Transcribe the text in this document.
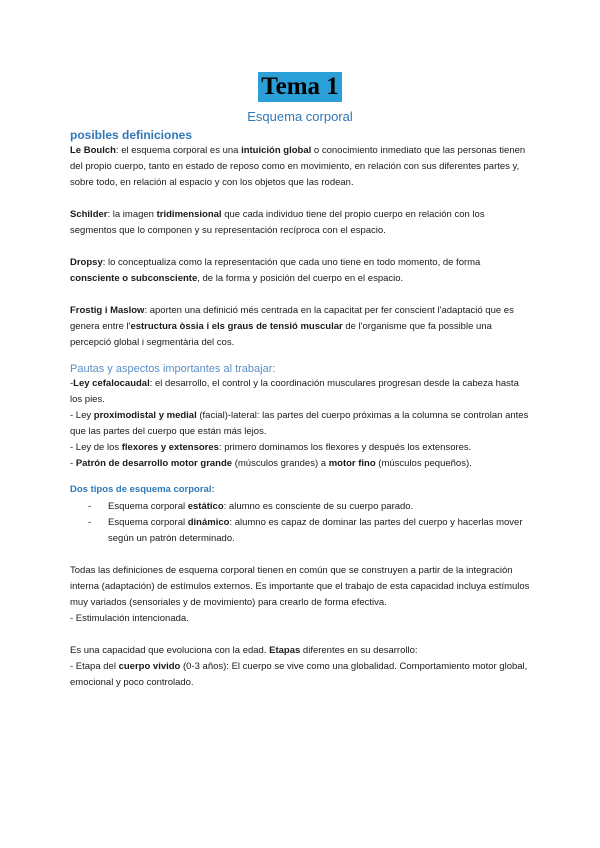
Tema 1
Esquema corporal
posibles definiciones

Le Boulch: el esquema corporal es una intuición global o conocimiento inmediato que las personas tienen del propio cuerpo, tanto en estado de reposo como en movimiento, en relación con sus diferentes partes y, sobre todo, en relación al espacio y con los objetos que las rodean.

Schilder: la imagen tridimensional que cada individuo tiene del propio cuerpo en relación con los segmentos que lo componen y su representación recíproca con el espacio.

Dropsy: lo conceptualiza como la representación que cada uno tiene en todo momento, de forma consciente o subconsciente, de la forma y posición del cuerpo en el espacio.

Frostig i Maslow: aporten una definició més centrada en la capacitat per fer conscient l'adaptació que es genera entre l'estructura òssia i els graus de tensió muscular de l'organisme que fa possible una percepció global i segmentària del cos.

Pautas y aspectos importantes al trabajar:

-Ley cefalocaudal: el desarrollo, el control y la coordinación musculares progresan desde la cabeza hasta los pies.

- Ley proximodistal y medial (facial)-lateral: las partes del cuerpo próximas a la columna se controlan antes que las partes del cuerpo que están más lejos.

- Ley de los flexores y extensores: primero dominamos los flexores y después los extensores.

- Patrón de desarrollo motor grande (músculos grandes) a motor fino (músculos pequeños).

Dos tipos de esquema corporal:
- Esquema corporal estático: alumno es consciente de su cuerpo parado.
- Esquema corporal dinámico: alumno es capaz de dominar las partes del cuerpo y hacerlas mover según un patrón determinado.

Todas las definiciones de esquema corporal tienen en común que se construyen a partir de la integración interna (adaptación) de estímulos externos. Es importante que el trabajo de esta capacidad incluya estímulos muy variados (sensoriales y de movimiento) para crearlo de forma efectiva.

- Estimulación intencionada.

Es una capacidad que evoluciona con la edad. Etapas diferentes en su desarrollo:

- Etapa del cuerpo vivido (0-3 años): El cuerpo se vive como una globalidad. Comportamiento motor global, emocional y poco controlado.
